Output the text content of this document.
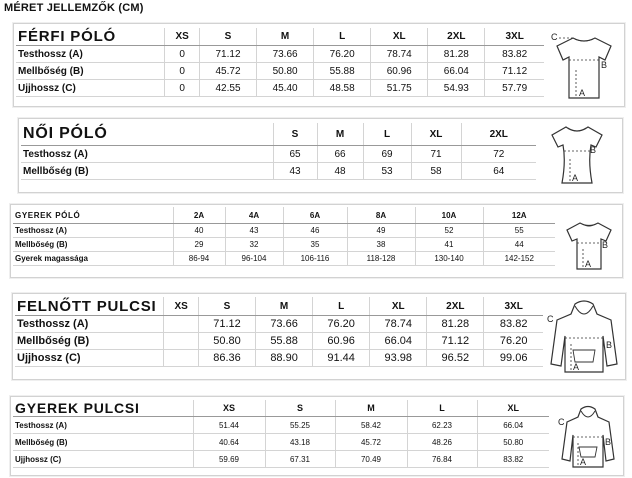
MÉRET JELLEMZŐK (CM)
FÉRFI PÓLÓ	XS	S	M	L	XL	2XL	3XL
Testhossz (A)	0	71.12	73.66	76.20	78.74	81.28	83.82
Mellbőség (B)	0	45.72	50.80	55.88	60.96	66.04	71.12
Ujjhossz (C)	0	42.55	45.40	48.58	51.75	54.93	57.79
C
B
A
NŐI PÓLÓ	S	M	L	XL	2XL
Testhossz (A)	65	66	69	71	72
Mellbőség (B)	43	48	53	58	64
B
A
GYEREK PÓLÓ	2A	4A	6A	8A	10A	12A
Testhossz (A)	40	43	46	49	52	55
Mellbőség (B)	29	32	35	38	41	44
Gyerek magassága	86-94	96-104	106-116	118-128	130-140	142-152
B
A
FELNŐTT PULCSI	XS	S	M	L	XL	2XL	3XL
Testhossz (A)		71.12	73.66	76.20	78.74	81.28	83.82
Mellbőség (B)		50.80	55.88	60.96	66.04	71.12	76.20
Ujjhossz (C)		86.36	88.90	91.44	93.98	96.52	99.06
C
B
A
GYEREK PULCSI	XS	S	M	L	XL
Testhossz (A)	51.44	55.25	58.42	62.23	66.04
Mellbőség (B)	40.64	43.18	45.72	48.26	50.80
Ujjhossz (C)	59.69	67.31	70.49	76.84	83.82
C
B
A
